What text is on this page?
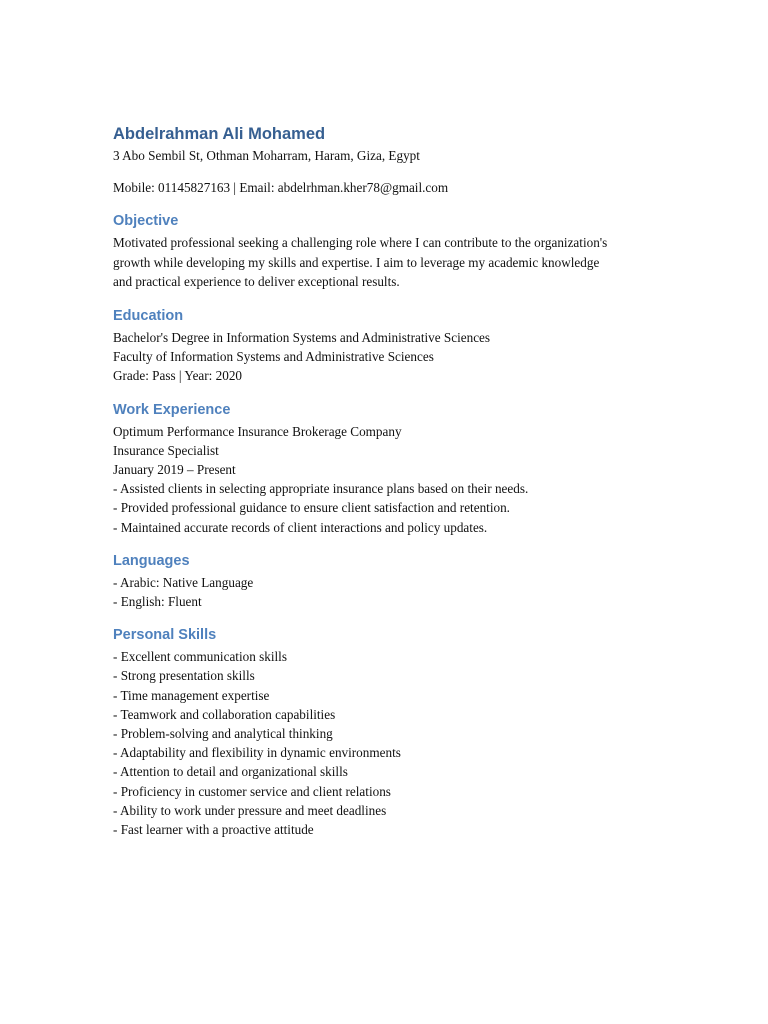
Abdelrahman Ali Mohamed

3 Abo Sembil St, Othman Moharram, Haram, Giza, Egypt

Mobile: 01145827163 | Email: abdelrhman.kher78@gmail.com

Objective

Motivated professional seeking a challenging role where I can contribute to the organization's growth while developing my skills and expertise. I aim to leverage my academic knowledge and practical experience to deliver exceptional results.

Education

Bachelor's Degree in Information Systems and Administrative Sciences

Faculty of Information Systems and Administrative Sciences

Grade: Pass | Year: 2020

Work Experience

Optimum Performance Insurance Brokerage Company

Insurance Specialist

January 2019 – Present

- Assisted clients in selecting appropriate insurance plans based on their needs.
- Provided professional guidance to ensure client satisfaction and retention.
- Maintained accurate records of client interactions and policy updates.

Languages

- Arabic: Native Language
- English: Fluent

Personal Skills

- Excellent communication skills
- Strong presentation skills
- Time management expertise
- Teamwork and collaboration capabilities
- Problem-solving and analytical thinking
- Adaptability and flexibility in dynamic environments
- Attention to detail and organizational skills
- Proficiency in customer service and client relations
- Ability to work under pressure and meet deadlines
- Fast learner with a proactive attitude
